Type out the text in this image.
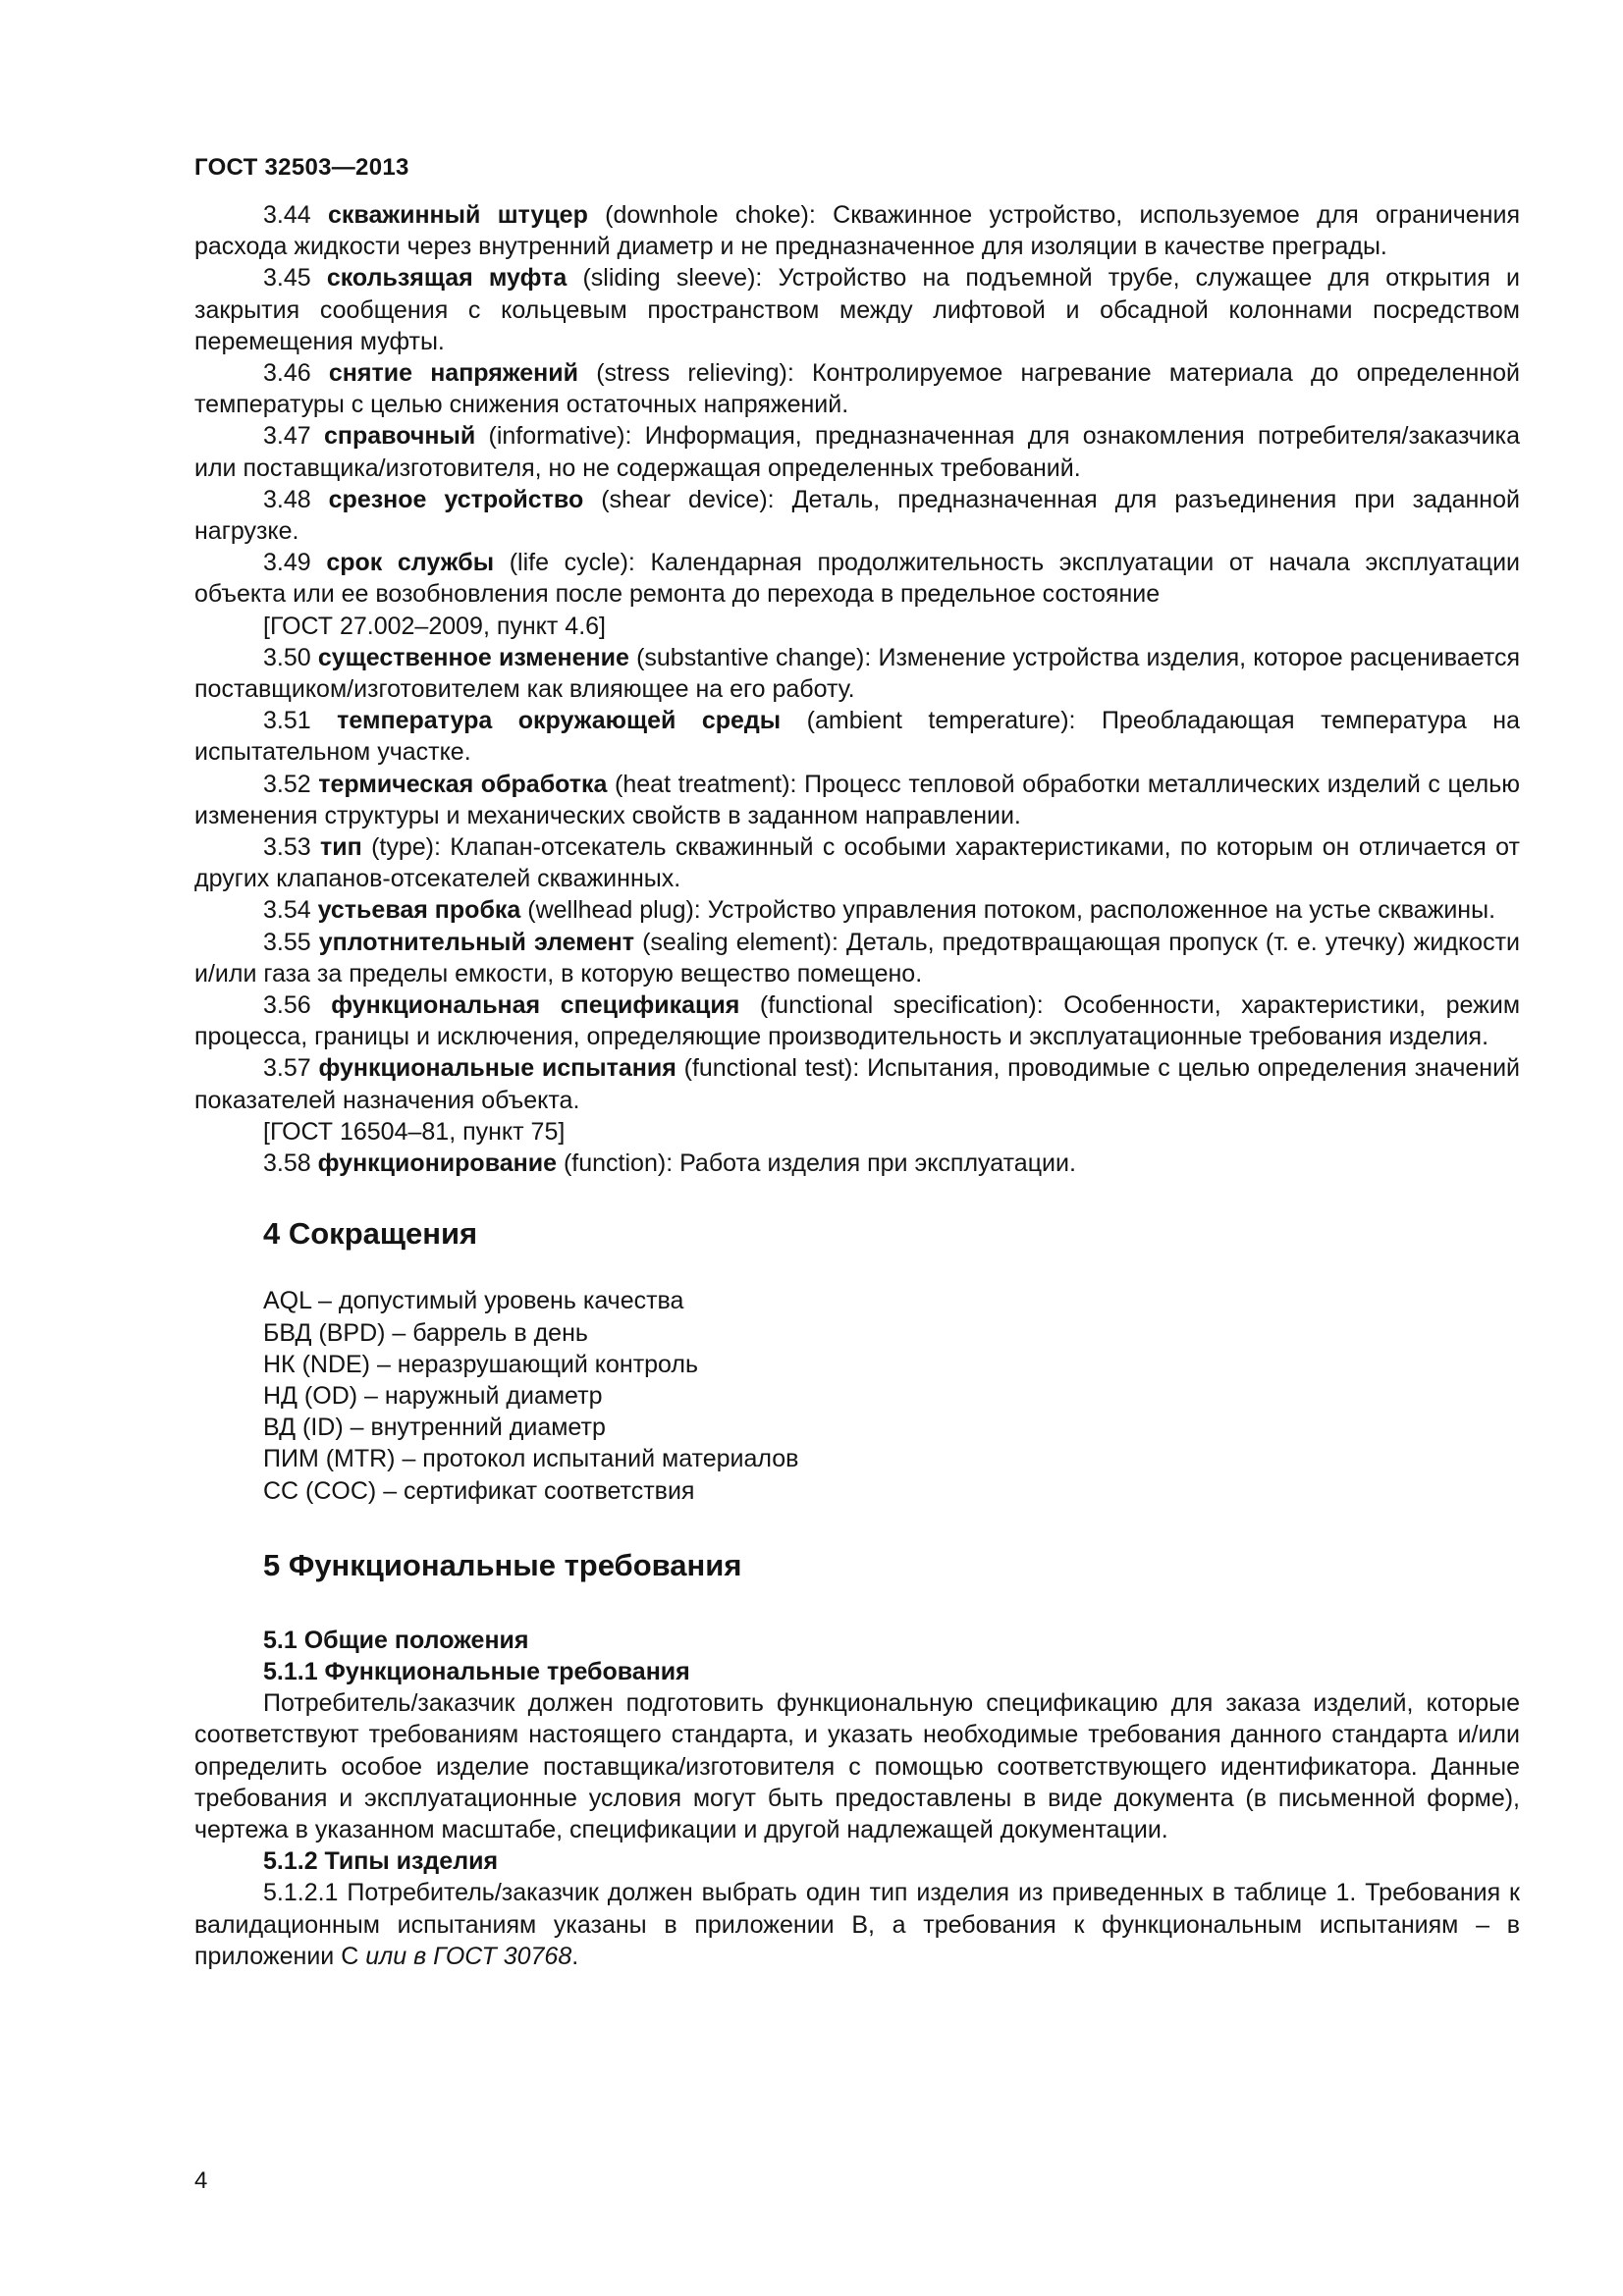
ГОСТ 32503—2013

3.44 скважинный штуцер (downhole choke): Скважинное устройство, используемое для ограничения расхода жидкости через внутренний диаметр и не предназначенное для изоляции в качестве преграды.

3.45 скользящая муфта (sliding sleeve): Устройство на подъемной трубе, служащее для открытия и закрытия сообщения с кольцевым пространством между лифтовой и обсадной колоннами посредством перемещения муфты.

3.46 снятие напряжений (stress relieving): Контролируемое нагревание материала до определенной температуры с целью снижения остаточных напряжений.

3.47 справочный (informative): Информация, предназначенная для ознакомления потребителя/заказчика или поставщика/изготовителя, но не содержащая определенных требований.

3.48 срезное устройство (shear device): Деталь, предназначенная для разъединения при заданной нагрузке.

3.49 срок службы (life cycle): Календарная продолжительность эксплуатации от начала эксплуатации объекта или ее возобновления после ремонта до перехода в предельное состояние

[ГОСТ 27.002–2009, пункт 4.6]

3.50 существенное изменение (substantive change): Изменение устройства изделия, которое расценивается поставщиком/изготовителем как влияющее на его работу.

3.51 температура окружающей среды (ambient temperature): Преобладающая температура на испытательном участке.

3.52 термическая обработка (heat treatment): Процесс тепловой обработки металлических изделий с целью изменения структуры и механических свойств в заданном направлении.

3.53 тип (type): Клапан-отсекатель скважинный с особыми характеристиками, по которым он отличается от других клапанов-отсекателей скважинных.

3.54 устьевая пробка (wellhead plug): Устройство управления потоком, расположенное на устье скважины.

3.55 уплотнительный элемент (sealing element): Деталь, предотвращающая пропуск (т. е. утечку) жидкости и/или газа за пределы емкости, в которую вещество помещено.

3.56 функциональная спецификация (functional specification): Особенности, характеристики, режим процесса, границы и исключения, определяющие производительность и эксплуатационные требования изделия.

3.57 функциональные испытания (functional test): Испытания, проводимые с целью определения значений показателей назначения объекта.

[ГОСТ 16504–81, пункт 75]

3.58 функционирование (function): Работа изделия при эксплуатации.

4 Сокращения
AQL – допустимый уровень качества
БВД (BPD) – баррель в день
НК (NDE) – неразрушающий контроль
НД (OD) – наружный диаметр
ВД (ID) – внутренний диаметр
ПИМ (MTR) – протокол испытаний материалов
СС (COC) – сертификат соответствия
5 Функциональные требования
5.1 Общие положения
5.1.1 Функциональные требования

Потребитель/заказчик должен подготовить функциональную спецификацию для заказа изделий, которые соответствуют требованиям настоящего стандарта, и указать необходимые требования данного стандарта и/или определить особое изделие поставщика/изготовителя с помощью соответствующего идентификатора. Данные требования и эксплуатационные условия могут быть предоставлены в виде документа (в письменной форме), чертежа в указанном масштабе, спецификации и другой надлежащей документации.

5.1.2 Типы изделия

5.1.2.1 Потребитель/заказчик должен выбрать один тип изделия из приведенных в таблице 1. Требования к валидационным испытаниям указаны в приложении В, а требования к функциональным испытаниям – в приложении С или в ГОСТ 30768.

4
